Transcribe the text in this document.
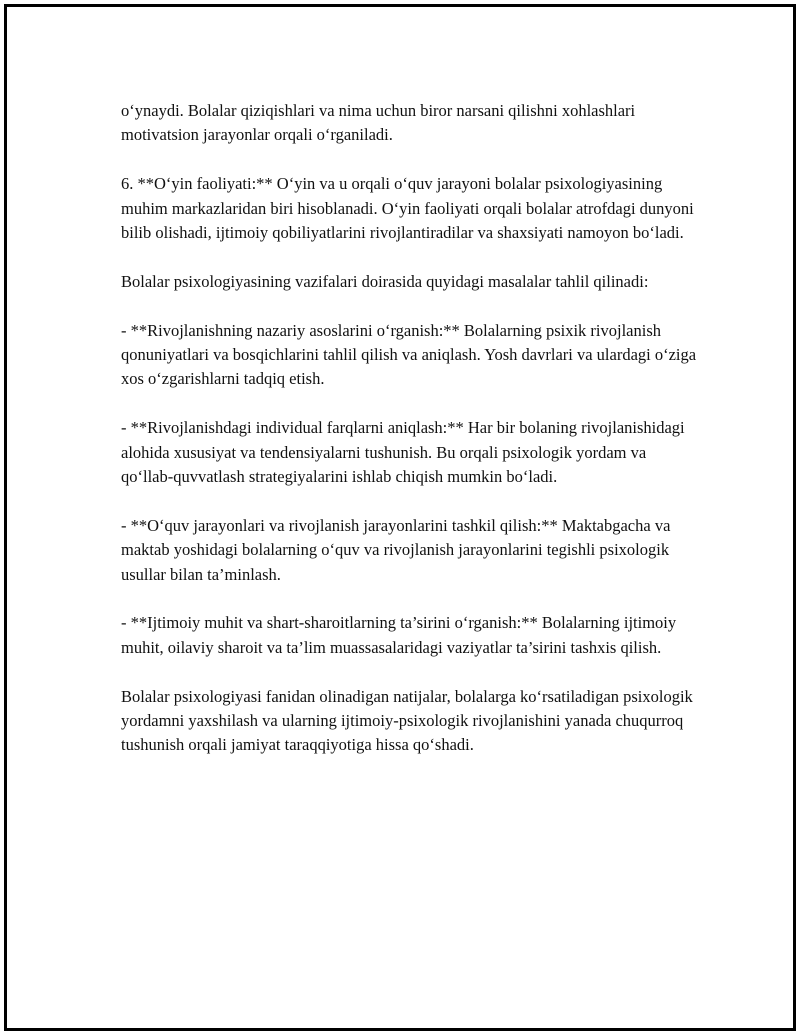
o‘ynaydi. Bolalar qiziqishlari va nima uchun biror narsani qilishni xohlashlari motivatsion jarayonlar orqali o‘rganiladi.

6. **O‘yin faoliyati:** O‘yin va u orqali o‘quv jarayoni bolalar psixologiyasining muhim markazlaridan biri hisoblanadi. O‘yin faoliyati orqali bolalar atrofdagi dunyoni bilib olishadi, ijtimoiy qobiliyatlarini rivojlantiradilar va shaxsiyati namoyon bo‘ladi.

Bolalar psixologiyasining vazifalari doirasida quyidagi masalalar tahlil qilinadi:

- **Rivojlanishning nazariy asoslarini o‘rganish:** Bolalarning psixik rivojlanish qonuniyatlari va bosqichlarini tahlil qilish va aniqlash. Yosh davrlari va ulardagi o‘ziga xos o‘zgarishlarni tadqiq etish.

- **Rivojlanishdagi individual farqlarni aniqlash:** Har bir bolaning rivojlanishidagi alohida xususiyat va tendensiyalarni tushunish. Bu orqali psixologik yordam va qo‘llab-quvvatlash strategiyalarini ishlab chiqish mumkin bo‘ladi.

- **O‘quv jarayonlari va rivojlanish jarayonlarini tashkil qilish:** Maktabgacha va maktab yoshidagi bolalarning o‘quv va rivojlanish jarayonlarini tegishli psixologik usullar bilan ta’minlash.

- **Ijtimoiy muhit va shart-sharoitlarning ta’sirini o‘rganish:** Bolalarning ijtimoiy muhit, oilaviy sharoit va ta’lim muassasalaridagi vaziyatlar ta’sirini tashxis qilish.

Bolalar psixologiyasi fanidan olinadigan natijalar, bolalarga ko‘rsatiladigan psixologik yordamni yaxshilash va ularning ijtimoiy-psixologik rivojlanishini yanada chuqurroq tushunish orqali jamiyat taraqqiyotiga hissa qo‘shadi.
